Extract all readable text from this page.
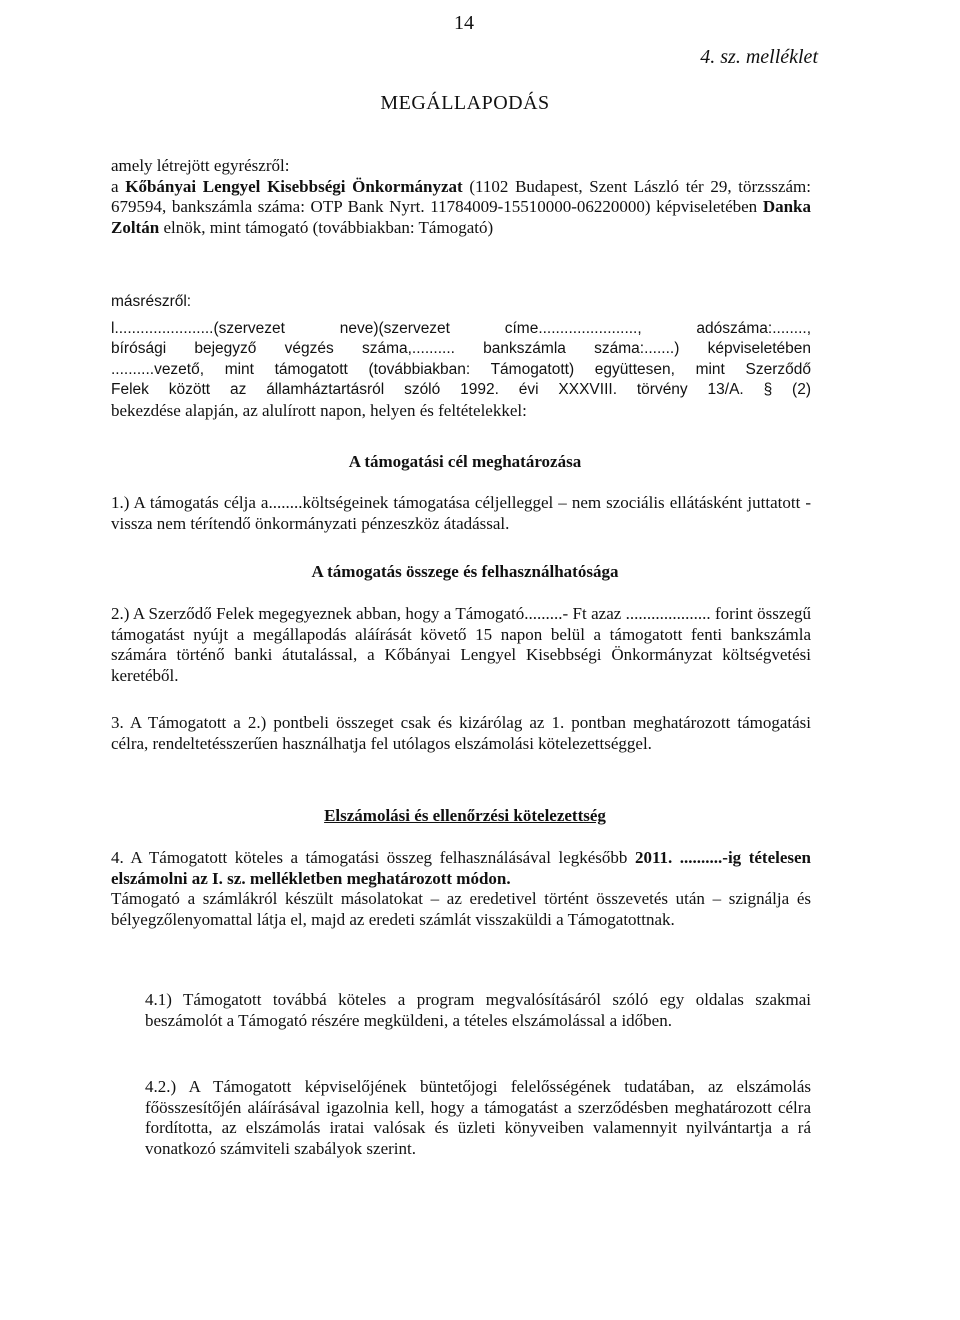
14
4. sz. melléklet
MEGÁLLAPODÁS

amely létrejött egyrészről:

a Kőbányai Lengyel Kisebbségi Önkormányzat (1102 Budapest, Szent László tér 29, törzsszám: 679594, bankszámla száma: OTP Bank Nyrt. 11784009-15510000-06220000) képviseletében Danka Zoltán elnök, mint támogató (továbbiakban: Támogató)

másrészről:

l.......................(szervezet neve)(szervezet címe......................., adószáma:........,

bírósági bejegyző végzés száma,.......... bankszámla száma:.......) képviseletében

..........vezető, mint támogatott (továbbiakban: Támogatott) együttesen, mint Szerződő

Felek között az államháztartásról szóló 1992. évi XXXVIII. törvény 13/A. § (2)

bekezdése alapján, az alulírott napon, helyen és feltételekkel:

A támogatási cél meghatározása

1.) A támogatás célja a........költségeinek támogatása céljelleggel – nem szociális ellátásként juttatott - vissza nem térítendő önkormányzati pénzeszköz átadással.

A támogatás összege és felhasználhatósága

2.) A Szerződő Felek megegyeznek abban, hogy a Támogató.........- Ft azaz .................... forint összegű támogatást nyújt a megállapodás aláírását követő 15 napon belül a támogatott fenti bankszámla számára történő banki átutalással, a Kőbányai Lengyel Kisebbségi Önkormányzat költségvetési keretéből.

3. A Támogatott a 2.) pontbeli összeget csak és kizárólag az 1. pontban meghatározott támogatási célra, rendeltetésszerűen használhatja fel utólagos elszámolási kötelezettséggel.

Elszámolási és ellenőrzési kötelezettség

4. A Támogatott köteles a támogatási összeg felhasználásával legkésőbb 2011. ..........-ig tételesen elszámolni az I. sz. mellékletben meghatározott módon.

Támogató a számlákról készült másolatokat – az eredetivel történt összevetés után – szignálja és bélyegzőlenyomattal látja el, majd az eredeti számlát visszaküldi a Támogatottnak.

4.1) Támogatott továbbá köteles a program megvalósításáról szóló egy oldalas szakmai beszámolót a Támogató részére megküldeni, a tételes elszámolással a időben.

4.2.) A Támogatott képviselőjének büntetőjogi felelősségének tudatában, az elszámolás főösszesítőjén aláírásával igazolnia kell, hogy a támogatást a szerződésben meghatározott célra fordította, az elszámolás iratai valósak és üzleti könyveiben valamennyit nyilvántartja a rá vonatkozó számviteli szabályok szerint.
